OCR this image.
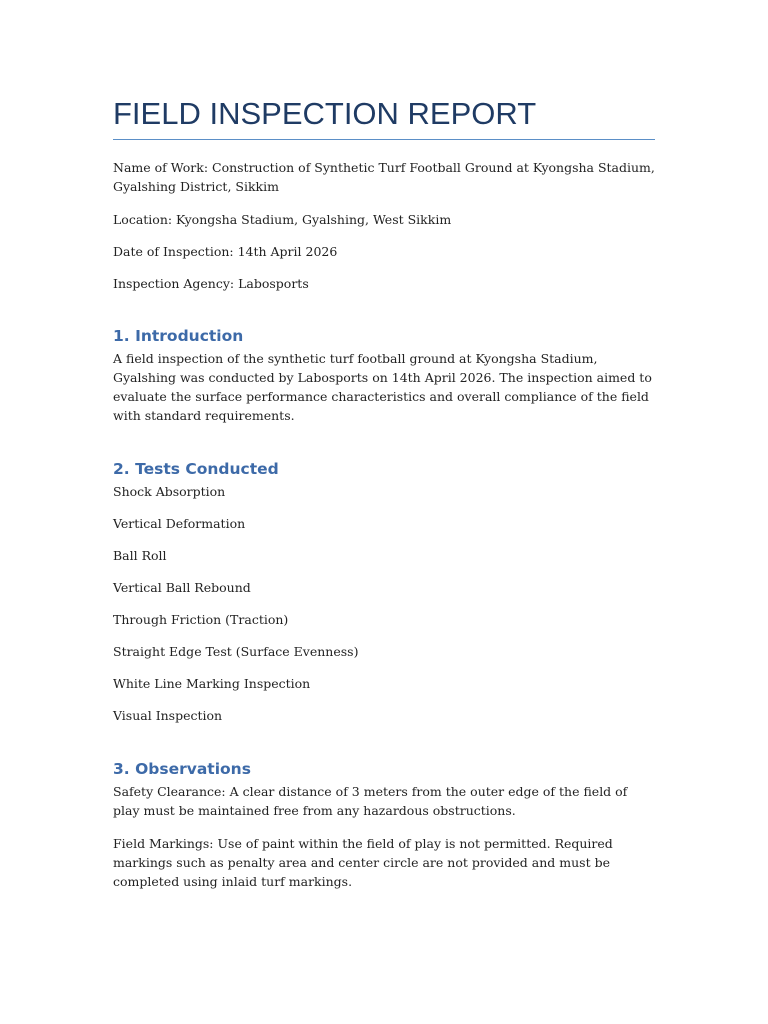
FIELD INSPECTION REPORT

Name of Work: Construction of Synthetic Turf Football Ground at Kyongsha Stadium, Gyalshing District, Sikkim

Location: Kyongsha Stadium, Gyalshing, West Sikkim

Date of Inspection: 14th April 2026

Inspection Agency: Labosports

1. Introduction

A field inspection of the synthetic turf football ground at Kyongsha Stadium, Gyalshing was conducted by Labosports on 14th April 2026. The inspection aimed to evaluate the surface performance characteristics and overall compliance of the field with standard requirements.

2. Tests Conducted

Shock Absorption

Vertical Deformation

Ball Roll

Vertical Ball Rebound

Through Friction (Traction)

Straight Edge Test (Surface Evenness)

White Line Marking Inspection

Visual Inspection

3. Observations

Safety Clearance: A clear distance of 3 meters from the outer edge of the field of play must be maintained free from any hazardous obstructions.

Field Markings: Use of paint within the field of play is not permitted. Required markings such as penalty area and center circle are not provided and must be completed using inlaid turf markings.
